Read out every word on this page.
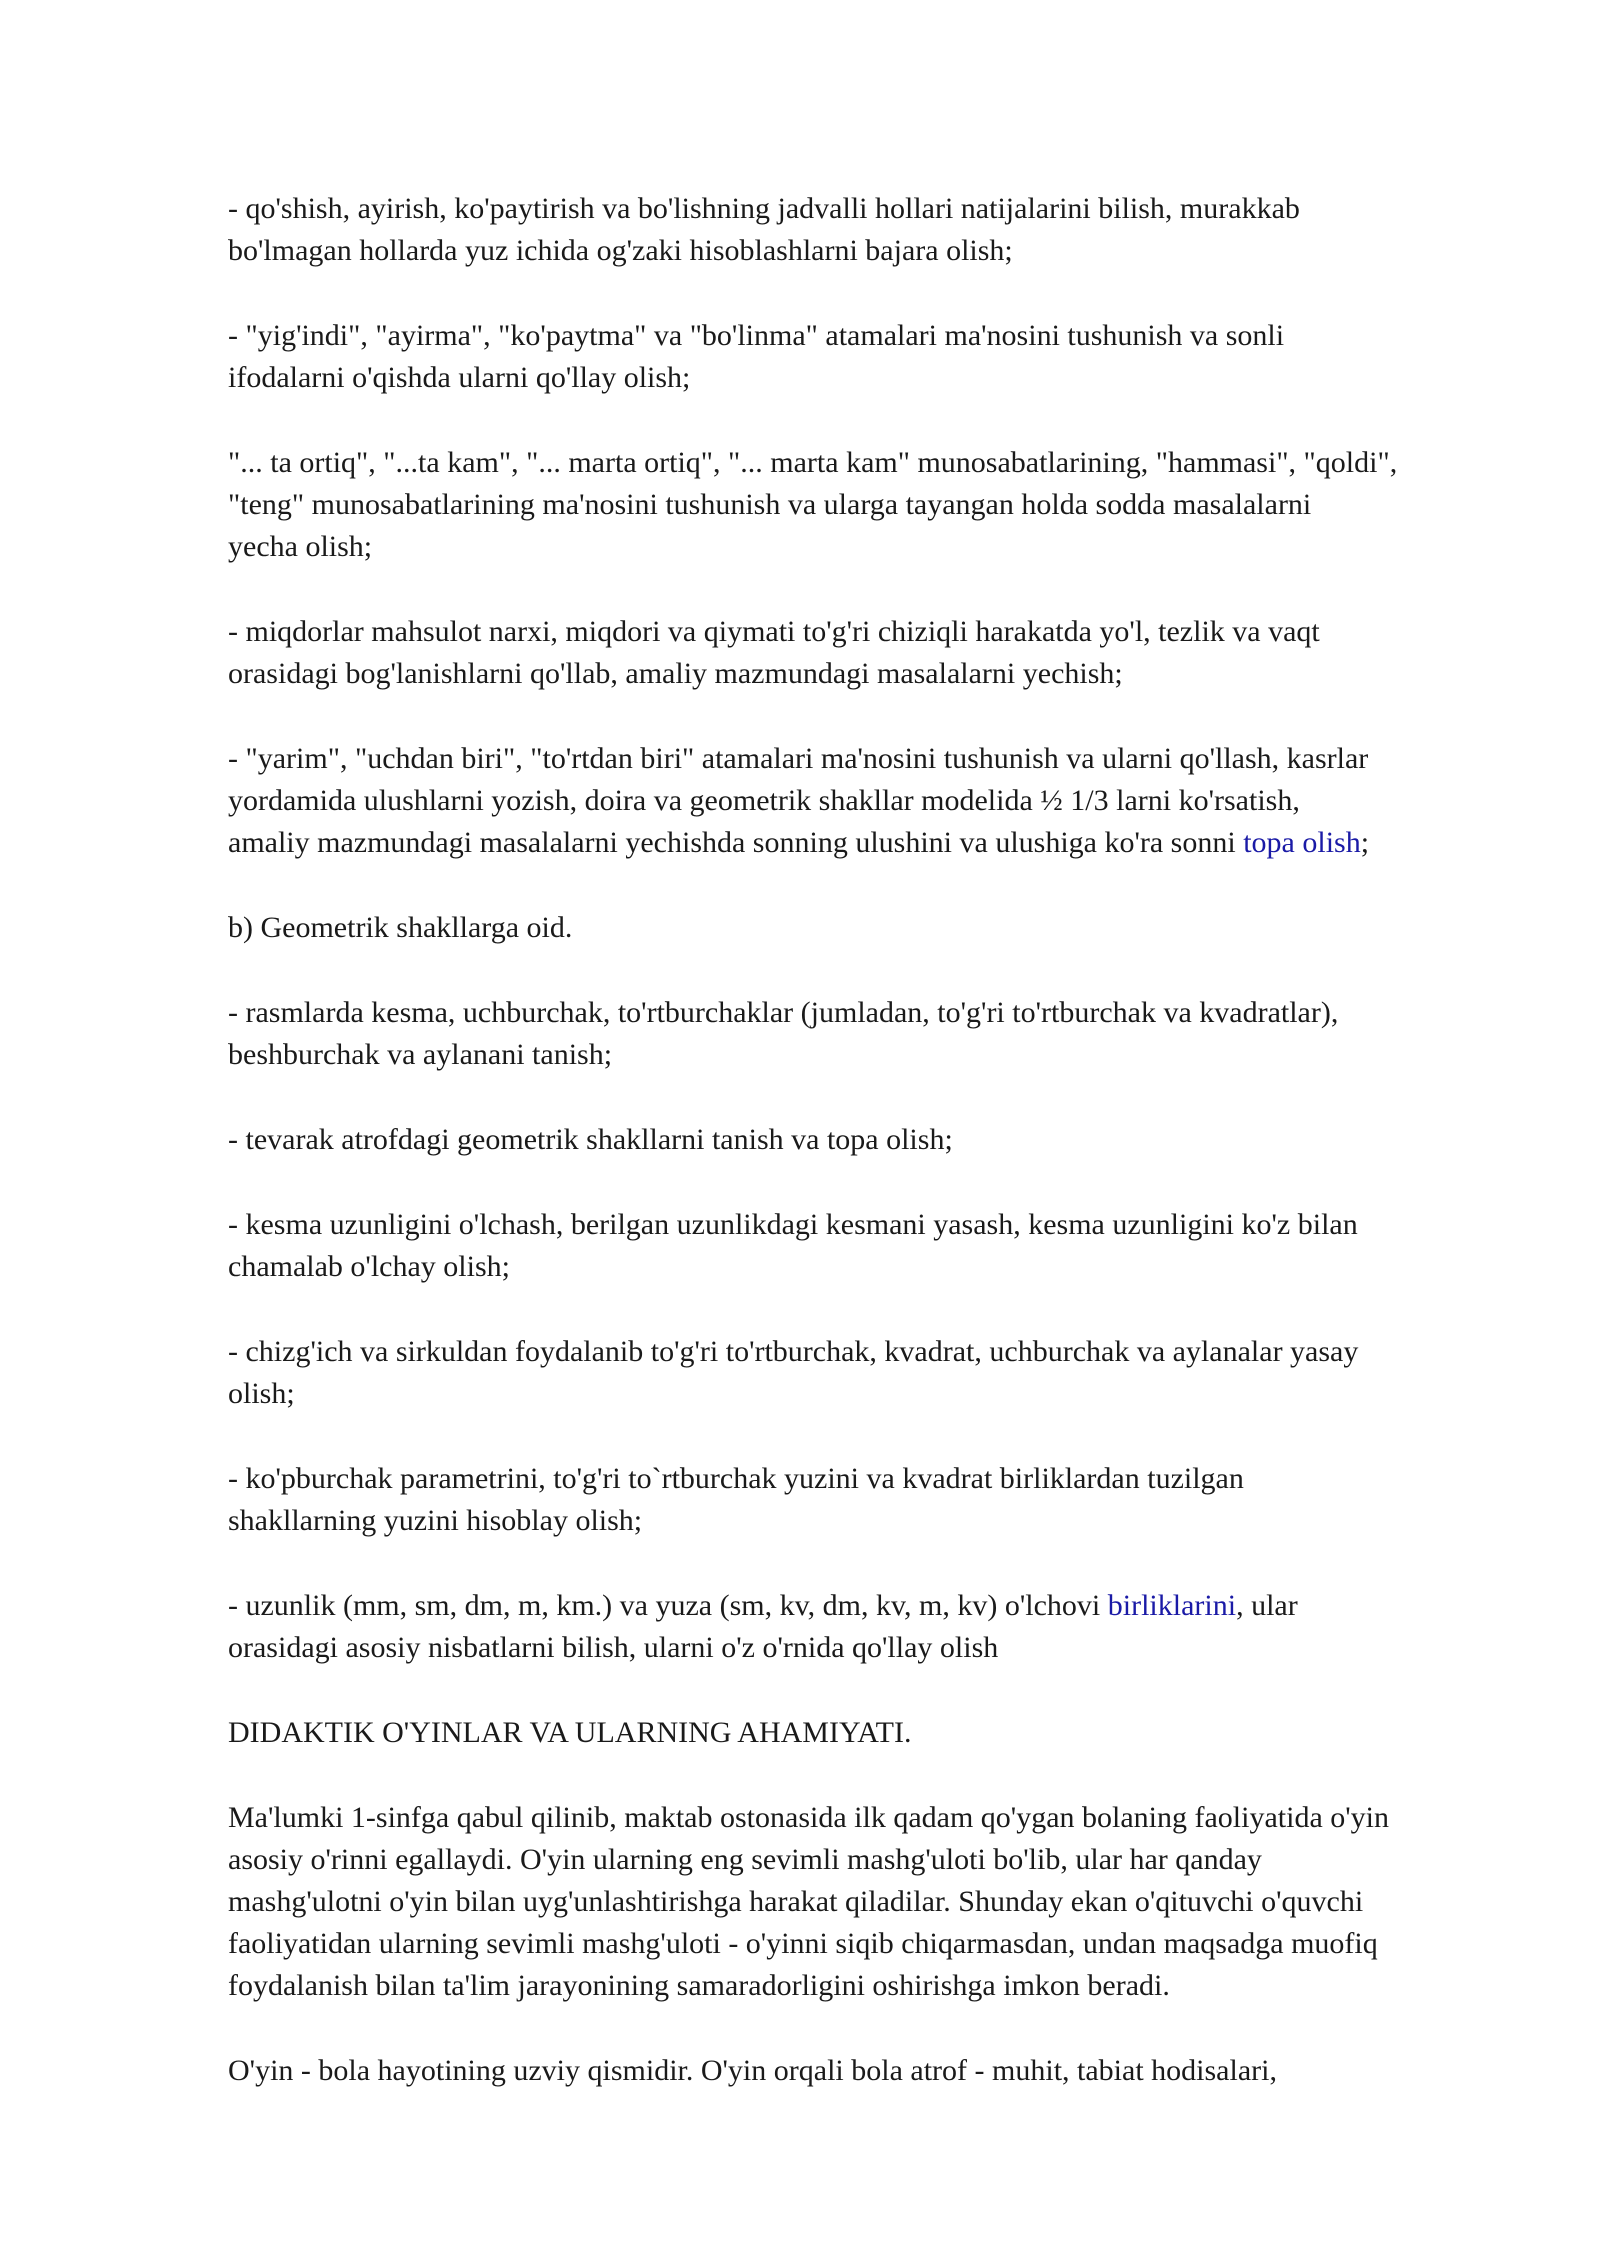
- qo'shish, ayirish, ko'paytirish va bo'lishning jadvalli hollari natijalarini bilish, murakkab
bo'lmagan hollarda yuz ichida og'zaki hisoblashlarni bajara olish;

- "yig'indi", "ayirma", "ko'paytma" va "bo'linma" atamalari ma'nosini tushunish va sonli
ifodalarni o'qishda ularni qo'llay olish;

"... ta ortiq", "...ta kam", "... marta ortiq", "... marta kam" munosabatlarining, "hammasi", "qoldi",
"teng" munosabatlarining ma'nosini tushunish va ularga tayangan holda sodda masalalarni
yecha olish;

- miqdorlar mahsulot narxi, miqdori va qiymati to'g'ri chiziqli harakatda yo'l, tezlik va vaqt
orasidagi bog'lanishlarni qo'llab, amaliy mazmundagi masalalarni yechish;

- "yarim", "uchdan biri", "to'rtdan biri" atamalari ma'nosini tushunish va ularni qo'llash, kasrlar
yordamida ulushlarni yozish, doira va geometrik shakllar modelida ½ 1/3 larni ko'rsatish,
amaliy mazmundagi masalalarni yechishda sonning ulushini va ulushiga ko'ra sonni topa olish;

b) Geometrik shakllarga oid.

- rasmlarda kesma, uchburchak, to'rtburchaklar (jumladan, to'g'ri to'rtburchak va kvadratlar),
beshburchak va aylanani tanish;

- tevarak atrofdagi geometrik shakllarni tanish va topa olish;

- kesma uzunligini o'lchash, berilgan uzunlikdagi kesmani yasash, kesma uzunligini ko'z bilan
chamalab o'lchay olish;

- chizg'ich va sirkuldan foydalanib to'g'ri to'rtburchak, kvadrat, uchburchak va aylanalar yasay
olish;

- ko'pburchak parametrini, to'g'ri to`rtburchak yuzini va kvadrat birliklardan tuzilgan
shakllarning yuzini hisoblay olish;

- uzunlik (mm, sm, dm, m, km.) va yuza (sm, kv, dm, kv, m, kv) o'lchovi birliklarini, ular
orasidagi asosiy nisbatlarni bilish, ularni o'z o'rnida qo'llay olish

DIDAKTIK O'YINLAR VA ULARNING AHAMIYATI.

Ma'lumki 1-sinfga qabul qilinib, maktab ostonasida ilk qadam qo'ygan bolaning faoliyatida o'yin
asosiy o'rinni egallaydi. O'yin ularning eng sevimli mashg'uloti bo'lib, ular har qanday
mashg'ulotni o'yin bilan uyg'unlashtirishga harakat qiladilar. Shunday ekan o'qituvchi o'quvchi
faoliyatidan ularning sevimli mashg'uloti - o'yinni siqib chiqarmasdan, undan maqsadga muofiq
foydalanish bilan ta'lim jarayonining samaradorligini oshirishga imkon beradi.

O'yin - bola hayotining uzviy qismidir. O'yin orqali bola atrof - muhit, tabiat hodisalari,
